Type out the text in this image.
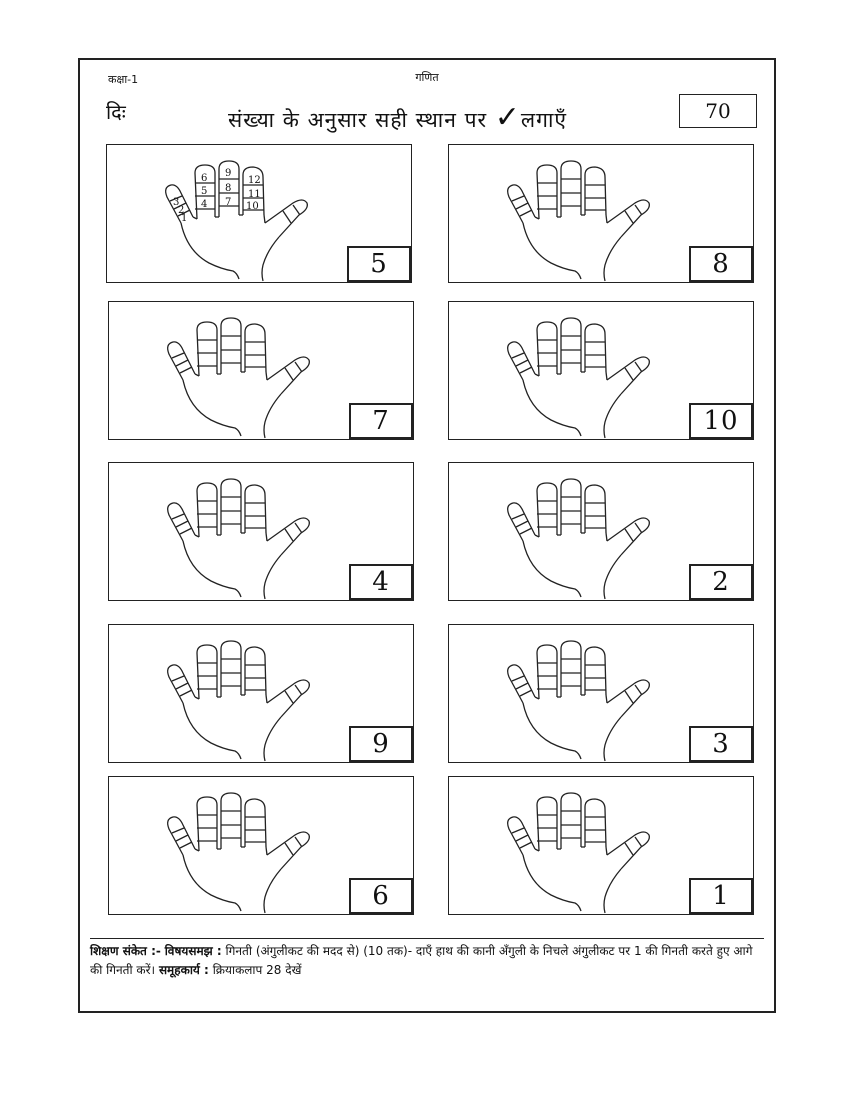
कक्षा-1	गणित
दिः	संख्या के अनुसार सही स्थान पर ✓लगाएँ	70
1
2
3 4
5
6
7
8
9
10
11
12
5	8
7	10
4	2
9	3
6	1
शिक्षण संकेत :- विषयसमझ : गिनती (अंगुलीकट की मदद से) (10 तक)- दाएँ हाथ की कानी अँगुली के निचले अंगुलीकट पर 1 की गिनती करते हुए आगे की गिनती करें। समूहकार्य : क्रियाकलाप 28 देखें
